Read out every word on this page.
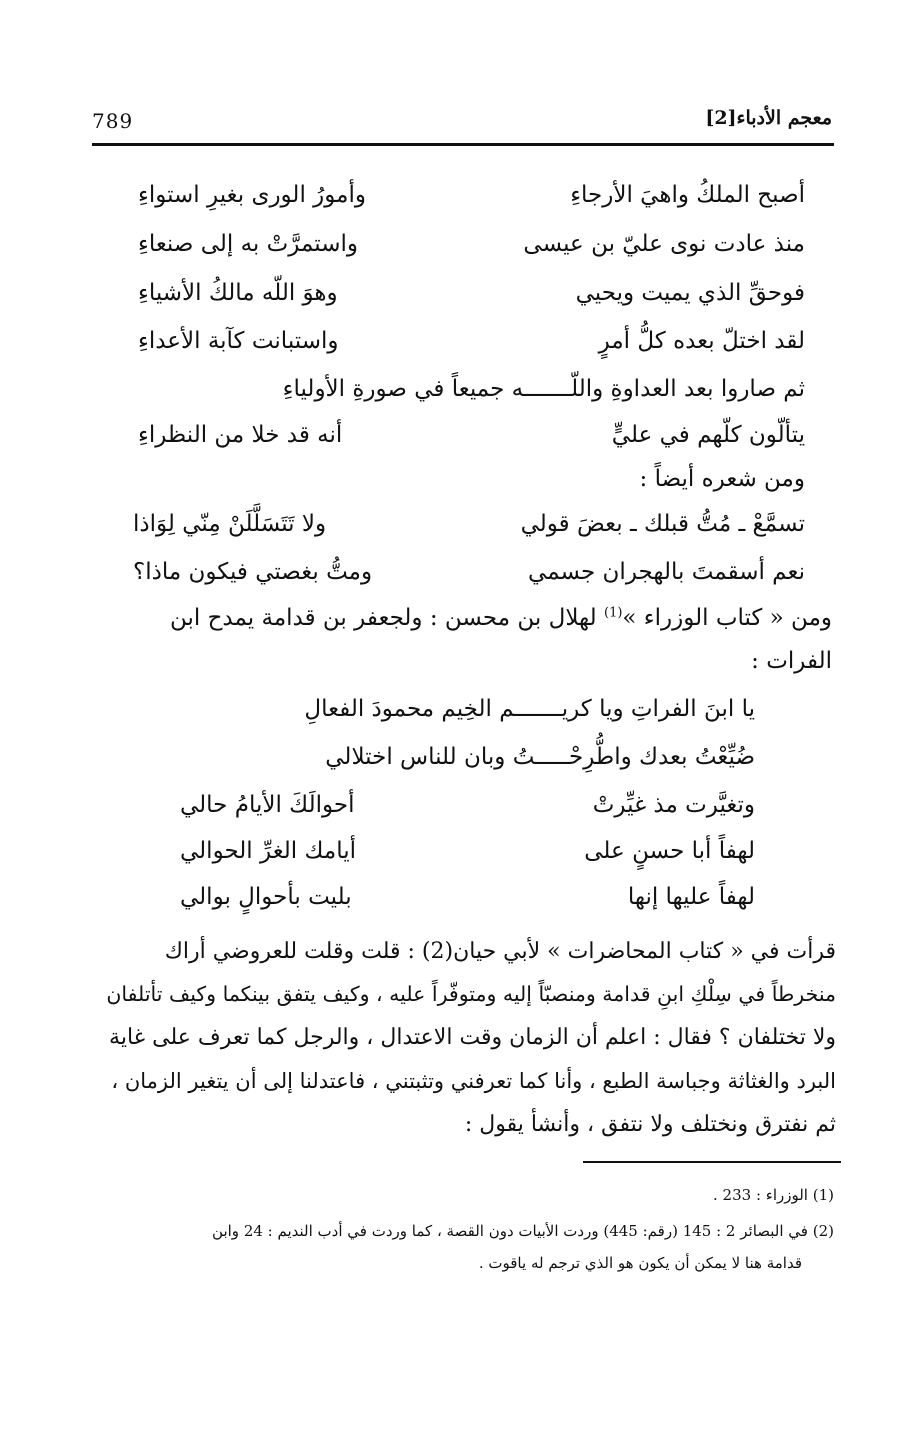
789	معجم الأدباء[2]
أصبح الملكُ واهيَ الأرجاءِ
وأمورُ الورى بغيرِ استواءِ
منذ عادت نوى عليّ بن عيسى
واستمرَّتْ به إلى صنعاءِ
فوحقِّ الذي يميت ويحيي
وهوَ اللّه مالكُ الأشياءِ
لقد اختلّ بعده كلُّ أمرٍ
واستبانت كآبة الأعداءِ
ثم صاروا بعد العداوةِ واللّـــــــه جميعاً في صورةِ الأولياءِ
يتألّون كلّهم في عليٍّ
أنه قد خلا من النظراءِ
ومن شعره أيضاً :
تسمَّعْ ـ مُتُّ قبلك ـ بعضَ قولي
ولا تَتَسَلَّلَنْ مِنّي لِوَاذا
نعم أسقمتَ بالهجران جسمي
ومتُّ بغصتي فيكون ماذا؟
ومن « كتاب الوزراء »$^{(1)}$ لهلال بن محسن : ولجعفر بن قدامة يمدح ابن
الفرات :
يا ابنَ الفراتِ ويا كريـــــــم الخِيم محمودَ الفعالِ
ضُيِّعْتُ بعدك واطُّرِحْـــــتُ وبان للناس اختلالي
وتغيَّرت مذ غيِّرتْ
أحوالَكَ الأيامُ حالي
لهفاً أبا حسنٍ على
أيامك الغرِّ الحوالي
لهفاً عليها إنها
بليت بأحوالٍ بوالي
قرأت في « كتاب المحاضرات » لأبي حيان(2) : قلت وقلت للعروضي أراك
منخرطاً في سِلْكِ ابنِ قدامة ومنصبّاً إليه ومتوفّراً عليه ، وكيف يتفق بينكما وكيف تأتلفان
ولا تختلفان ؟ فقال : اعلم أن الزمان وقت الاعتدال ، والرجل كما تعرف على غاية
البرد والغثاثة وجباسة الطبع ، وأنا كما تعرفني وتثبتني ، فاعتدلنا إلى أن يتغير الزمان ،
ثم نفترق ونختلف ولا نتفق ، وأنشأ يقول :
(1) الوزراء : 233 .
(2) في البصائر 2 : 145 (رقم: 445) وردت الأبيات دون القصة ، كما وردت في أدب النديم : 24 وابن
قدامة هنا لا يمكن أن يكون هو الذي ترجم له ياقوت .
